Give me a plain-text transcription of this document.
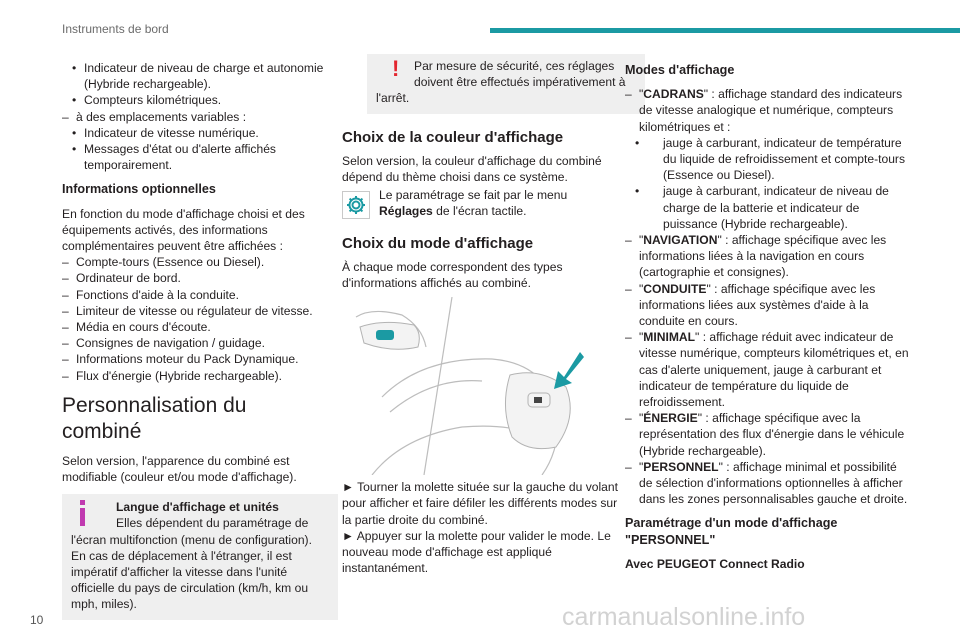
Instruments de bord
• Indicateur de niveau de charge et autonomie (Hybride rechargeable).
• Compteurs kilométriques.
– à des emplacements variables :
• Indicateur de vitesse numérique.
• Messages d'état ou d'alerte affichés temporairement.
Informations optionnelles

En fonction du mode d'affichage choisi et des équipements activés, des informations complémentaires peuvent être affichées :

– Compte-tours (Essence ou Diesel).
– Ordinateur de bord.
– Fonctions d'aide à la conduite.
– Limiteur de vitesse ou régulateur de vitesse.
– Média en cours d'écoute.
– Consignes de navigation / guidage.
– Informations moteur du Pack Dynamique.
– Flux d'énergie (Hybride rechargeable).
Personnalisation du combiné

Selon version, l'apparence du combiné est modifiable (couleur et/ou mode d'affichage).

Langue d'affichage et unités

Elles dépendent du paramétrage de

l'écran multifonction (menu de configuration). En cas de déplacement à l'étranger, il est impératif d'afficher la vitesse dans l'unité officielle du pays de circulation (km/h, km ou mph, miles).

!	Par mesure de sécurité, ces réglages

doivent être effectués impérativement à

l'arrêt.

Choix de la couleur d'affichage

Selon version, la couleur d'affichage du combiné dépend du thème choisi dans ce système.

Le paramétrage se fait par le menu

Réglages de l'écran tactile.

Choix du mode d'affichage

À chaque mode correspondent des types d'informations affichés au combiné.

► Tourner la molette située sur la gauche du volant pour afficher et faire défiler les différents modes sur la partie droite du combiné.

► Appuyer sur la molette pour valider le mode. Le nouveau mode d'affichage est appliqué instantanément.

Modes d'affichage
– "CADRANS" : affichage standard des indicateurs de vitesse analogique et numérique, compteurs kilométriques et :
• jauge à carburant, indicateur de température du liquide de refroidissement et compte-tours (Essence ou Diesel).
• jauge à carburant, indicateur de niveau de charge de la batterie et indicateur de puissance (Hybride rechargeable).
– "NAVIGATION" : affichage spécifique avec les informations liées à la navigation en cours (cartographie et consignes).
– "CONDUITE" : affichage spécifique avec les informations liées aux systèmes d'aide à la conduite en cours.
– "MINIMAL" : affichage réduit avec indicateur de vitesse numérique, compteurs kilométriques et, en cas d'alerte uniquement, jauge à carburant et indicateur de température du liquide de refroidissement.
– "ÉNERGIE" : affichage spécifique avec la représentation des flux d'énergie dans le véhicule (Hybride rechargeable).
– "PERSONNEL" : affichage minimal et possibilité de sélection d'informations optionnelles à afficher dans les zones personnalisables gauche et droite.
Paramétrage d'un mode d'affichage "PERSONNEL"
Avec PEUGEOT Connect Radio
10	carmanualsonline.info
